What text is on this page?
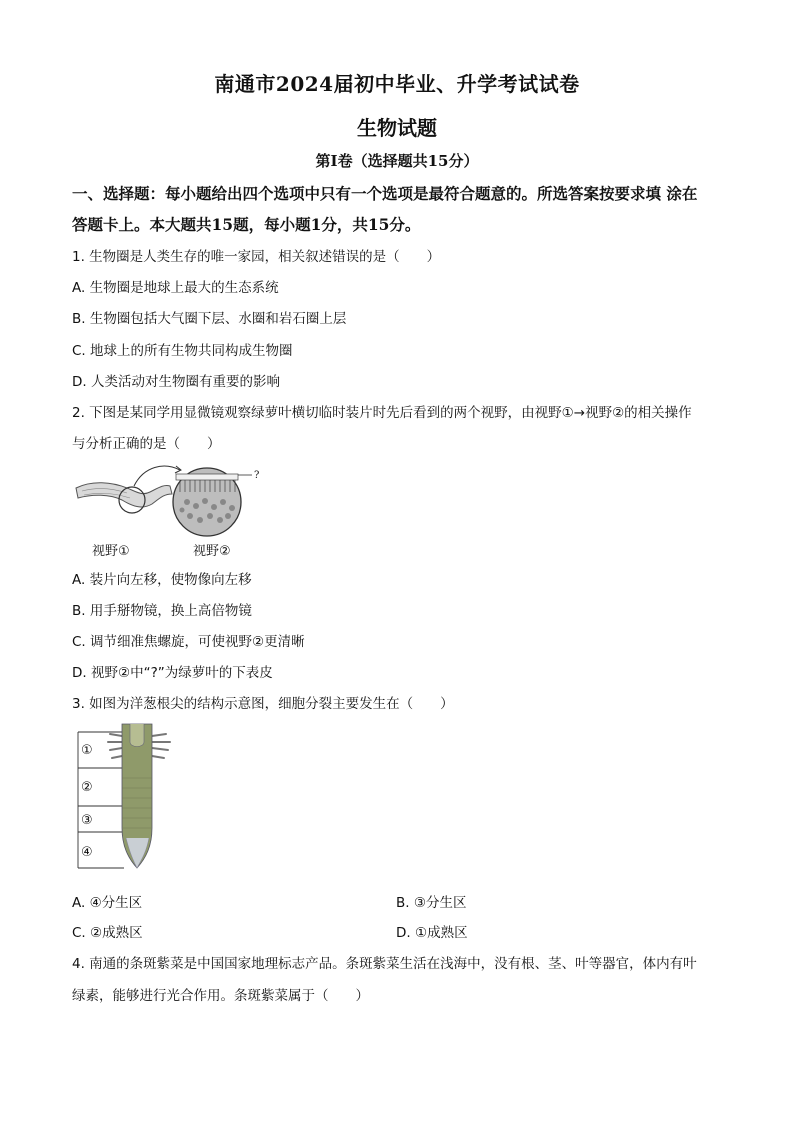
南通市2024届初中毕业、升学考试试卷
生物试题
第I卷（选择题共15分）
一、选择题：每小题给出四个选项中只有一个选项是最符合题意的。所选答案按要求填 涂在
答题卡上。本大题共15题，每小题1分，共15分。
1. 生物圈是人类生存的唯一家园，相关叙述错误的是（　　）
A. 生物圈是地球上最大的生态系统
B. 生物圈包括大气圈下层、水圈和岩石圈上层
C. 地球上的所有生物共同构成生物圈
D. 人类活动对生物圈有重要的影响
2. 下图是某同学用显微镜观察绿萝叶横切临时装片时先后看到的两个视野，由视野①→视野②的相关操作
与分析正确的是（　　）
?
视野①	视野②
A. 装片向左移，使物像向左移
B. 用手掰物镜，换上高倍物镜
C. 调节细准焦螺旋，可使视野②更清晰
D. 视野②中“?”为绿萝叶的下表皮
3. 如图为洋葱根尖的结构示意图，细胞分裂主要发生在（　　）
①
②
③
④
A. ④分生区	B. ③分生区
C. ②成熟区	D. ①成熟区
4. 南通的条斑紫菜是中国国家地理标志产品。条斑紫菜生活在浅海中，没有根、茎、叶等器官，体内有叶
绿素，能够进行光合作用。条斑紫菜属于（　　）
